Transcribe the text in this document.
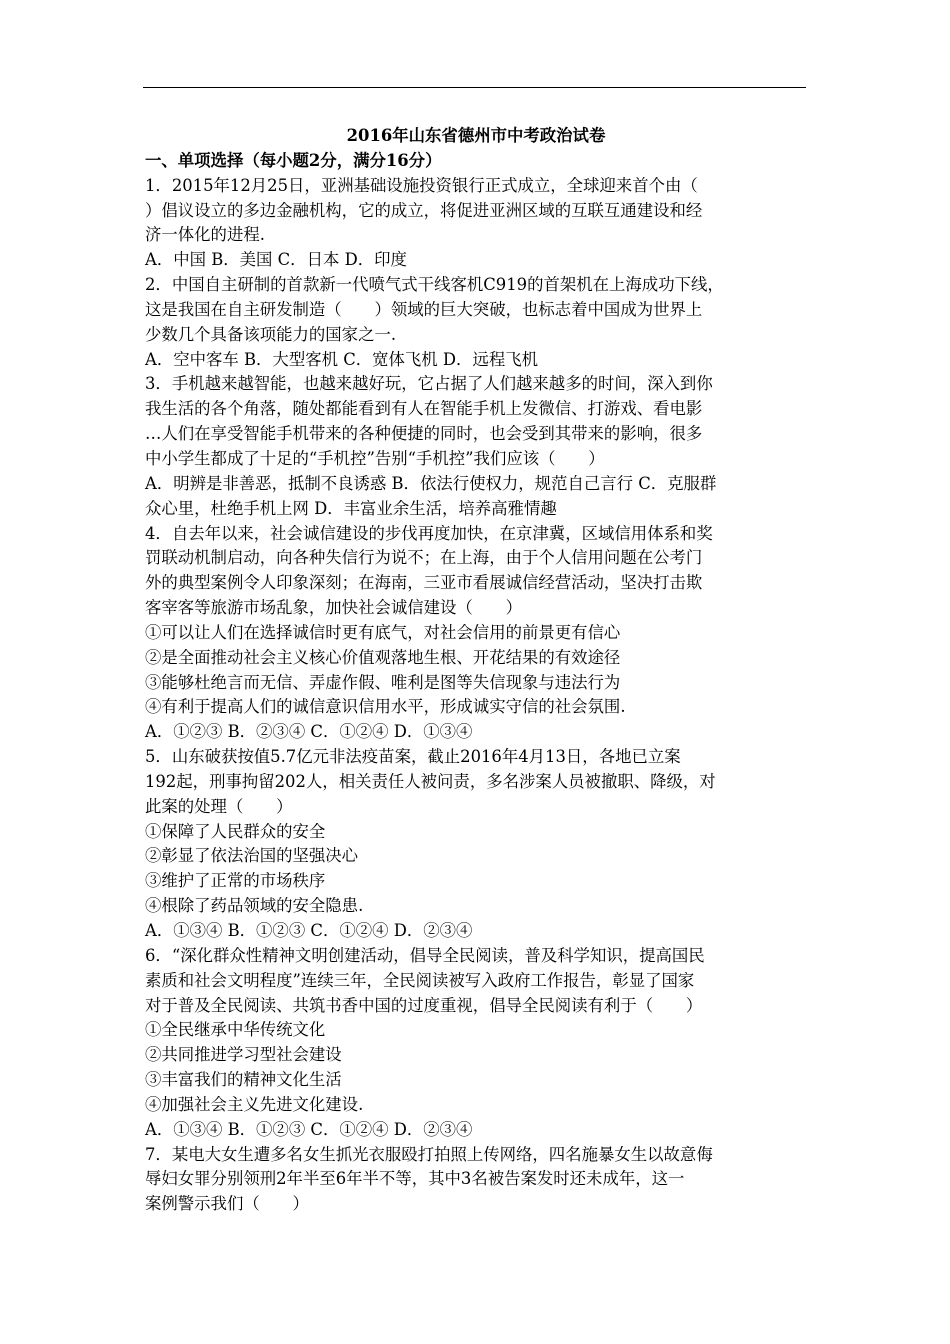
2016年山东省德州市中考政治试卷

一、单项选择（每小题2分，满分16分）

1．2015年12月25日，亚洲基础设施投资银行正式成立，全球迎来首个由（

）倡议设立的多边金融机构，它的成立，将促进亚洲区域的互联互通建设和经

济一体化的进程.

A．中国 B．美国 C．日本 D．印度

2．中国自主研制的首款新一代喷气式干线客机C919的首架机在上海成功下线，

这是我国在自主研发制造（　　）领域的巨大突破，也标志着中国成为世界上

少数几个具备该项能力的国家之一.

A．空中客车 B．大型客机 C．宽体飞机 D．远程飞机

3．手机越来越智能，也越来越好玩，它占据了人们越来越多的时间，深入到你

我生活的各个角落，随处都能看到有人在智能手机上发微信、打游戏、看电影

…人们在享受智能手机带来的各种便捷的同时，也会受到其带来的影响，很多

中小学生都成了十足的“手机控”告别“手机控”我们应该（　　）

A．明辨是非善恶，抵制不良诱惑 B．依法行使权力，规范自己言行 C．克服群

众心里，杜绝手机上网 D．丰富业余生活，培养高雅情趣

4．自去年以来，社会诚信建设的步伐再度加快，在京津冀，区域信用体系和奖

罚联动机制启动，向各种失信行为说不；在上海，由于个人信用问题在公考门

外的典型案例令人印象深刻；在海南，三亚市看展诚信经营活动，坚决打击欺

客宰客等旅游市场乱象，加快社会诚信建设（　　）

①可以让人们在选择诚信时更有底气，对社会信用的前景更有信心

②是全面推动社会主义核心价值观落地生根、开花结果的有效途径

③能够杜绝言而无信、弄虚作假、唯利是图等失信现象与违法行为

④有利于提高人们的诚信意识信用水平，形成诚实守信的社会氛围.

A．①②③ B．②③④ C．①②④ D．①③④

5．山东破获按值5.7亿元非法疫苗案，截止2016年4月13日，各地已立案

192起，刑事拘留202人，相关责任人被问责，多名涉案人员被撤职、降级，对

此案的处理（　　）

①保障了人民群众的安全

②彰显了依法治国的坚强决心

③维护了正常的市场秩序

④根除了药品领域的安全隐患.

A．①③④ B．①②③ C．①②④ D．②③④

6．“深化群众性精神文明创建活动，倡导全民阅读，普及科学知识，提高国民

素质和社会文明程度”连续三年，全民阅读被写入政府工作报告，彰显了国家

对于普及全民阅读、共筑书香中国的过度重视，倡导全民阅读有利于（　　）

①全民继承中华传统文化

②共同推进学习型社会建设

③丰富我们的精神文化生活

④加强社会主义先进文化建设.

A．①③④ B．①②③ C．①②④ D．②③④

7．某电大女生遭多名女生抓光衣服殴打拍照上传网络，四名施暴女生以故意侮

辱妇女罪分别领刑2年半至6年半不等，其中3名被告案发时还未成年，这一

案例警示我们（　　）
